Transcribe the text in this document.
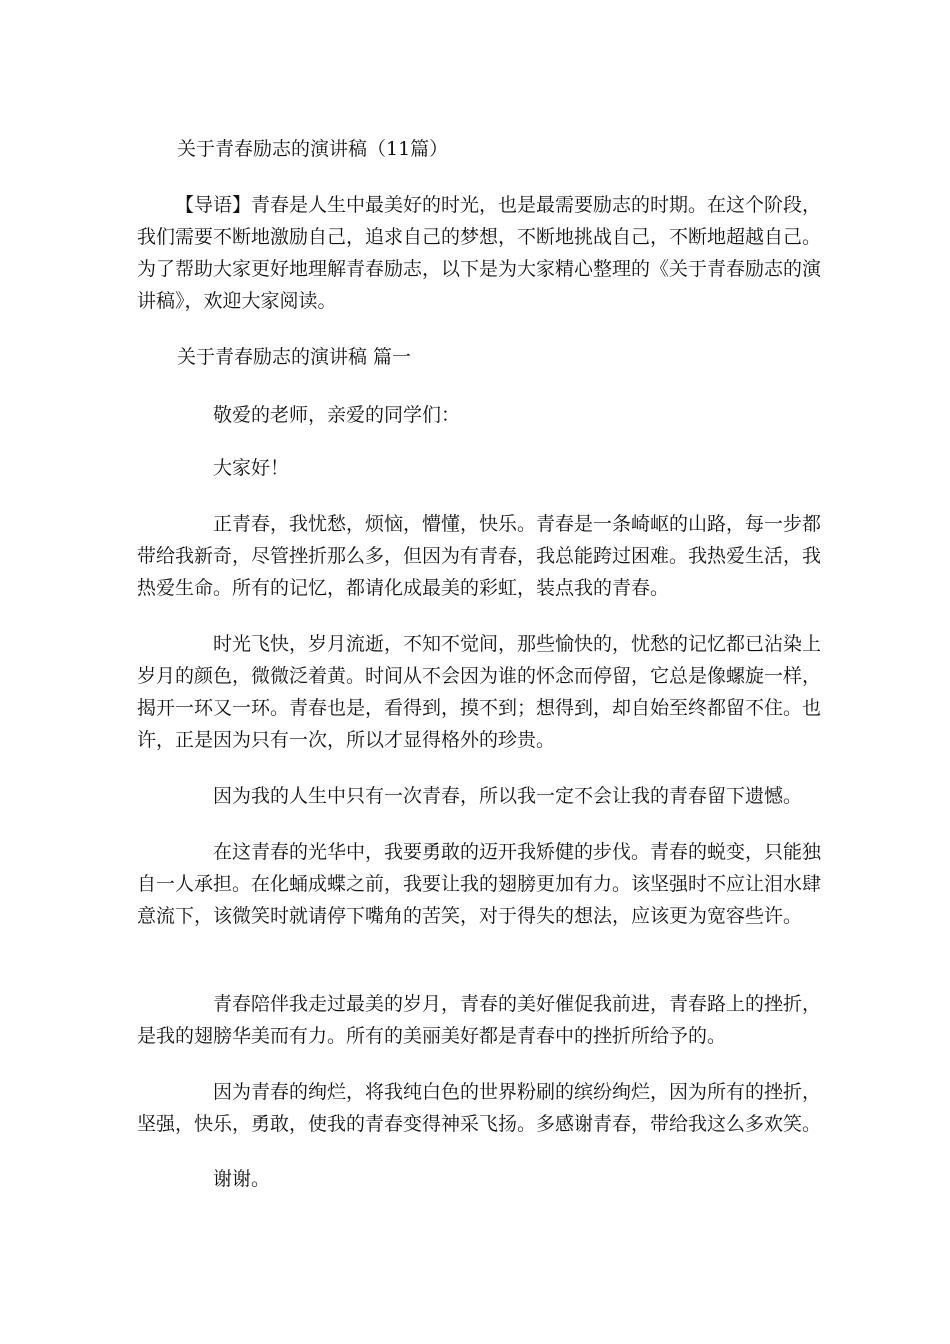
关于青春励志的演讲稿（11篇）

【导语】青春是人生中最美好的时光，也是最需要励志的时期。在这个阶段，我们需要不断地激励自己，追求自己的梦想，不断地挑战自己，不断地超越自己。为了帮助大家更好地理解青春励志，以下是为大家精心整理的《关于青春励志的演讲稿》，欢迎大家阅读。

关于青春励志的演讲稿 篇一

敬爱的老师，亲爱的同学们：

大家好！

正青春，我忧愁，烦恼，懵懂，快乐。青春是一条崎岖的山路，每一步都带给我新奇，尽管挫折那么多，但因为有青春，我总能跨过困难。我热爱生活，我热爱生命。所有的记忆，都请化成最美的彩虹，装点我的青春。

时光飞快，岁月流逝，不知不觉间，那些愉快的，忧愁的记忆都已沾染上岁月的颜色，微微泛着黄。时间从不会因为谁的怀念而停留，它总是像螺旋一样，揭开一环又一环。青春也是，看得到，摸不到；想得到，却自始至终都留不住。也许，正是因为只有一次，所以才显得格外的珍贵。

因为我的人生中只有一次青春，所以我一定不会让我的青春留下遗憾。

在这青春的光华中，我要勇敢的迈开我矫健的步伐。青春的蜕变，只能独自一人承担。在化蛹成蝶之前，我要让我的翅膀更加有力。该坚强时不应让泪水肆意流下，该微笑时就请停下嘴角的苦笑，对于得失的想法，应该更为宽容些许。

青春陪伴我走过最美的岁月，青春的美好催促我前进，青春路上的挫折，是我的翅膀华美而有力。所有的美丽美好都是青春中的挫折所给予的。

因为青春的绚烂，将我纯白色的世界粉刷的缤纷绚烂，因为所有的挫折，坚强，快乐，勇敢，使我的青春变得神采飞扬。多感谢青春，带给我这么多欢笑。

谢谢。
